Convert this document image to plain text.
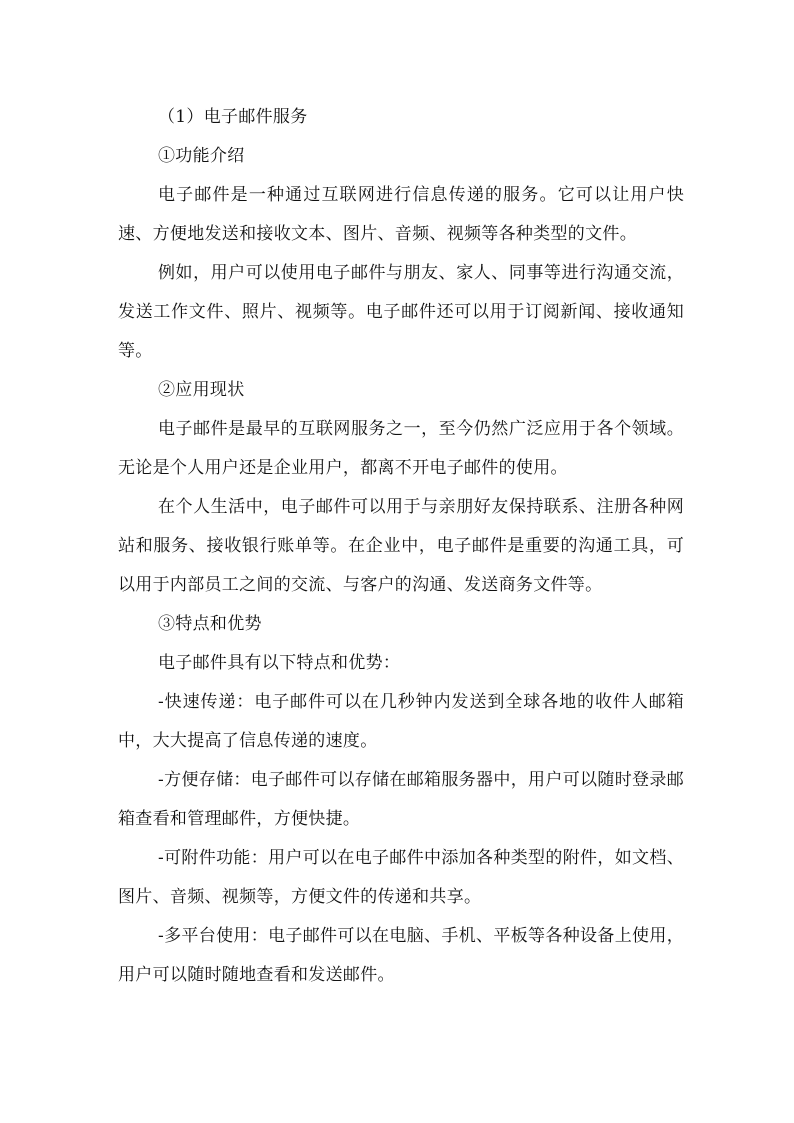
（1）电子邮件服务

①功能介绍

电子邮件是一种通过互联网进行信息传递的服务。它可以让用户快速、方便地发送和接收文本、图片、音频、视频等各种类型的文件。

例如，用户可以使用电子邮件与朋友、家人、同事等进行沟通交流，发送工作文件、照片、视频等。电子邮件还可以用于订阅新闻、接收通知等。

②应用现状

电子邮件是最早的互联网服务之一，至今仍然广泛应用于各个领域。无论是个人用户还是企业用户，都离不开电子邮件的使用。

在个人生活中，电子邮件可以用于与亲朋好友保持联系、注册各种网站和服务、接收银行账单等。在企业中，电子邮件是重要的沟通工具，可以用于内部员工之间的交流、与客户的沟通、发送商务文件等。

③特点和优势

电子邮件具有以下特点和优势：

-快速传递：电子邮件可以在几秒钟内发送到全球各地的收件人邮箱中，大大提高了信息传递的速度。

-方便存储：电子邮件可以存储在邮箱服务器中，用户可以随时登录邮箱查看和管理邮件，方便快捷。

-可附件功能：用户可以在电子邮件中添加各种类型的附件，如文档、图片、音频、视频等，方便文件的传递和共享。

-多平台使用：电子邮件可以在电脑、手机、平板等各种设备上使用，用户可以随时随地查看和发送邮件。
